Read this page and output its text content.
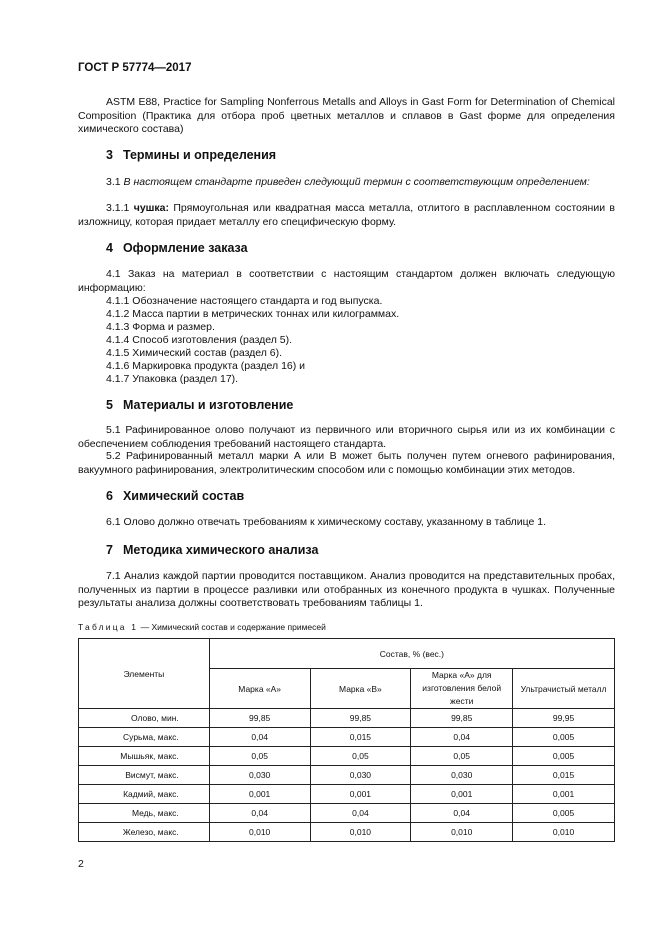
ГОСТ Р 57774—2017
ASTM E88, Practice for Sampling Nonferrous Metalls and Alloys in Gast Form for Determination of Chemical Composition (Практика для отбора проб цветных металлов и сплавов в Gast форме для определения химического состава)
3 Термины и определения
3.1 В настоящем стандарте приведен следующий термин с соответствующим определением:
3.1.1 чушка: Прямоугольная или квадратная масса металла, отлитого в расплавленном состоянии в изложницу, которая придает металлу его специфическую форму.
4 Оформление заказа
4.1 Заказ на материал в соответствии с настоящим стандартом должен включать следующую информацию:
4.1.1 Обозначение настоящего стандарта и год выпуска.
4.1.2 Масса партии в метрических тоннах или килограммах.
4.1.3 Форма и размер.
4.1.4 Способ изготовления (раздел 5).
4.1.5 Химический состав (раздел 6).
4.1.6 Маркировка продукта (раздел 16) и
4.1.7 Упаковка (раздел 17).
5 Материалы и изготовление
5.1 Рафинированное олово получают из первичного или вторичного сырья или из их комбинации с обеспечением соблюдения требований настоящего стандарта.
5.2 Рафинированный металл марки А или В может быть получен путем огневого рафинирования, вакуумного рафинирования, электролитическим способом или с помощью комбинации этих методов.
6 Химический состав
6.1 Олово должно отвечать требованиям к химическому составу, указанному в таблице 1.
7 Методика химического анализа
7.1 Анализ каждой партии проводится поставщиком. Анализ проводится на представительных пробах, полученных из партии в процессе разливки или отобранных из конечного продукта в чушках. Полученные результаты анализа должны соответствовать требованиям таблицы 1.
Таблица 1 — Химический состав и содержание примесей
Элементы	Состав, % (вес.)			
	Марка «А»	Марка «В»	Марка «А» для изготовления белой жести	Ультрачистый металл
Олово, мин.	99,85	99,85	99,85	99,95
Сурьма, макс.	0,04	0,015	0,04	0,005
Мышьяк, макс.	0,05	0,05	0,05	0,005
Висмут, макс.	0,030	0,030	0,030	0,015
Кадмий, макс.	0,001	0,001	0,001	0,001
Медь, макс.	0,04	0,04	0,04	0,005
Железо, макс.	0,010	0,010	0,010	0,010
2
